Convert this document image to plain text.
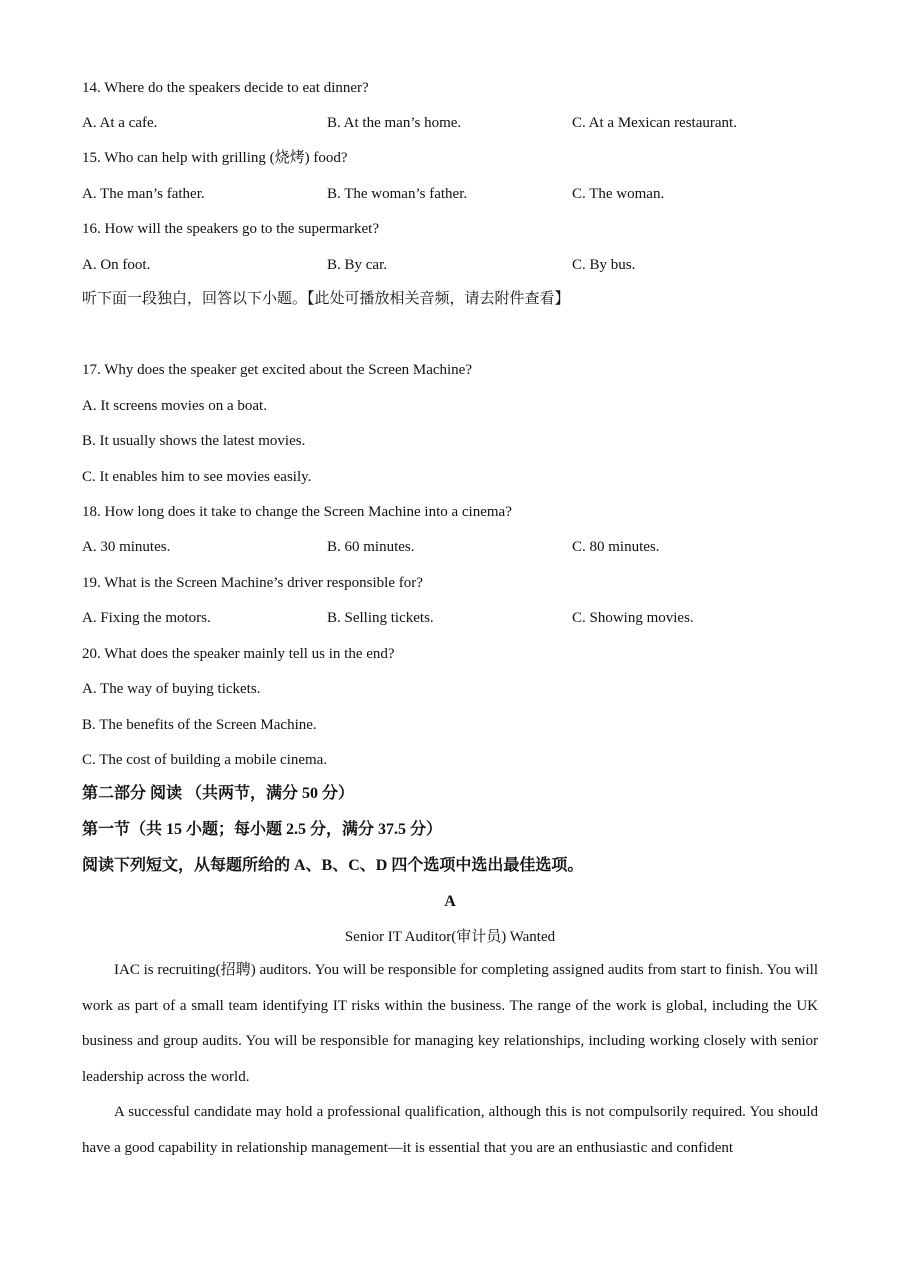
14. Where do the speakers decide to eat dinner?
A. At a cafe.	B. At the man’s home.	C. At a Mexican restaurant.
15. Who can help with grilling (烧烤) food?
A. The man’s father.	B. The woman’s father.	C. The woman.
16. How will the speakers go to the supermarket?
A. On foot.	B. By car.	C. By bus.
听下面一段独白，回答以下小题。【此处可播放相关音频，请去附件查看】
17. Why does the speaker get excited about the Screen Machine?
A. It screens movies on a boat.
B. It usually shows the latest movies.
C. It enables him to see movies easily.
18. How long does it take to change the Screen Machine into a cinema?
A. 30 minutes.	B. 60 minutes.	C. 80 minutes.
19. What is the Screen Machine’s driver responsible for?
A. Fixing the motors.	B. Selling tickets.	C. Showing movies.
20. What does the speaker mainly tell us in the end?
A. The way of buying tickets.
B. The benefits of the Screen Machine.
C. The cost of building a mobile cinema.
第二部分 阅读 （共两节，满分 50 分）
第一节（共 15 小题；每小题 2.5 分，满分 37.5 分）
阅读下列短文，从每题所给的 A、B、C、D 四个选项中选出最佳选项。
A
Senior IT Auditor(审计员) Wanted

IAC is recruiting(招聘) auditors. You will be responsible for completing assigned audits from start to finish. You will work as part of a small team identifying IT risks within the business. The range of the work is global, including the UK business and group audits. You will be responsible for managing key relationships, including working closely with senior leadership across the world.

A successful candidate may hold a professional qualification, although this is not compulsorily required. You should have a good capability in relationship management—it is essential that you are an enthusiastic and confident
